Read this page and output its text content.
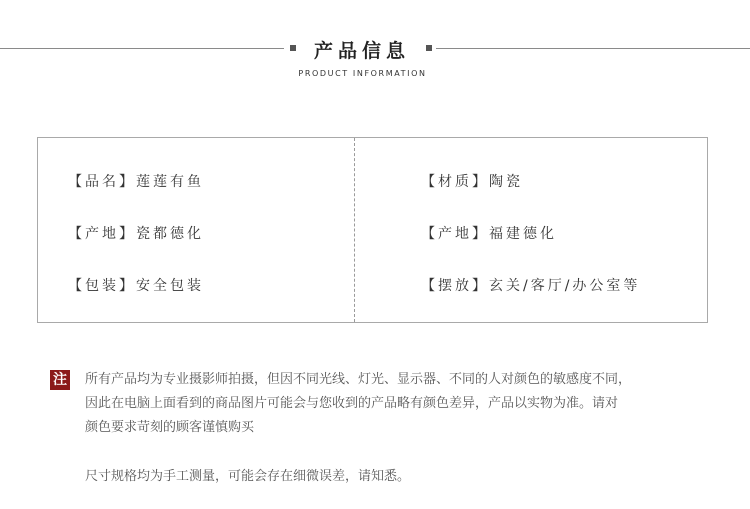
产品信息
PRODUCT INFORMATION
【品名】莲莲有鱼
【产地】瓷都德化
【包装】安全包装
【材质】陶瓷
【产地】福建德化
【摆放】玄关/客厅/办公室等
注 所有产品均为专业摄影师拍摄，但因不同光线、灯光、显示器、不同的人对颜色的敏感度不同，
因此在电脑上面看到的商品图片可能会与您收到的产品略有颜色差异，产品以实物为准。请对
颜色要求苛刻的顾客谨慎购买
尺寸规格均为手工测量，可能会存在细微误差，请知悉。
